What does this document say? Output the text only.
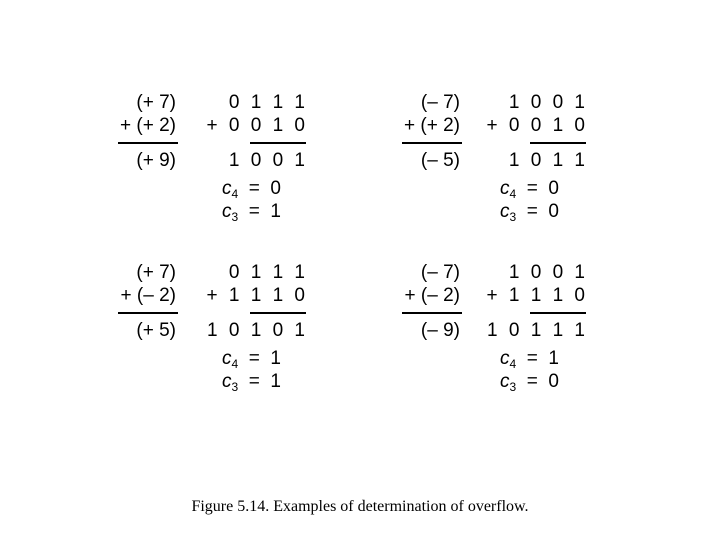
(+ 7)
+ (+ 2)
(+ 9)
0 1 1 1
+ 0 0 1 0
1 0 0 1
$c_4 = 0$
$c_3 = 1$
(– 7)
+ (+ 2)
(– 5)
1 0 0 1
+ 0 0 1 0
1 0 1 1
$c_4 = 0$
$c_3 = 0$
(+ 7)
+ (– 2)
(+ 5)
0 1 1 1
+ 1 1 1 0
1 0 1 0 1
$c_4 = 1$
$c_3 = 1$
(– 7)
+ (– 2)
(– 9)
1 0 0 1
+ 1 1 1 0
1 0 1 1 1
$c_4 = 1$
$c_3 = 0$
Figure 5.14. Examples of determination of overflow.
